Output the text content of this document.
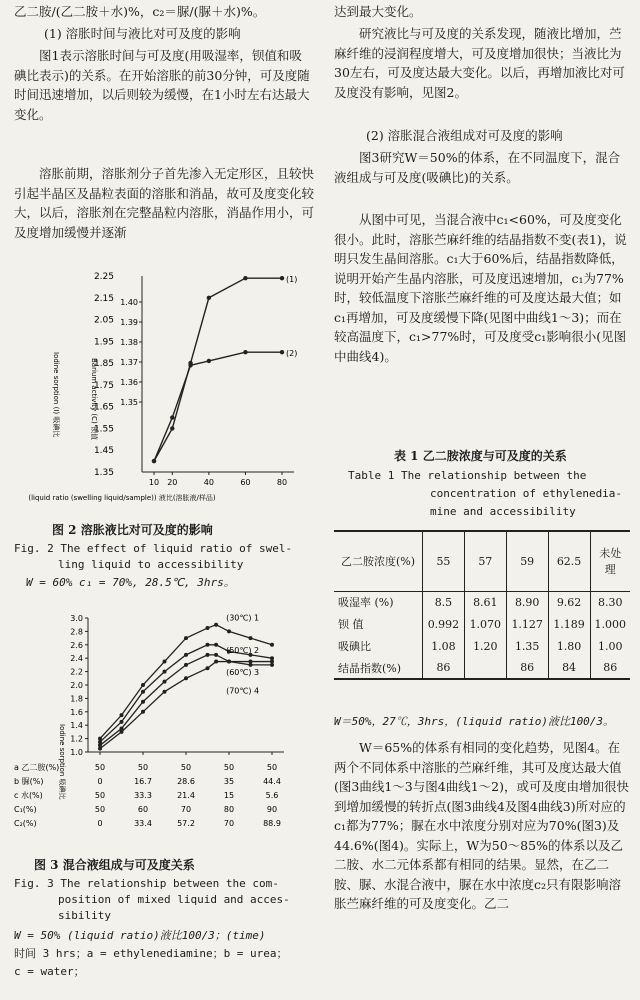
乙二胺/(乙二胺＋水)%，c₂＝脲/(脲＋水)%。

(1) 溶胀时间与液比对可及度的影响

图1表示溶胀时间与可及度(用吸湿率，钡值和吸碘比表示)的关系。在开始溶胀的前30分钟，可及度随时间迅速增加，以后则较为缓慢，在1小时左右达最大变化。

溶胀前期，溶胀剂分子首先渗入无定形区，且较快引起半晶区及晶粒表面的溶胀和消晶，故可及度变化较大，以后，溶胀剂在完整晶粒内溶胀，消晶作用小，可及度增加缓慢并逐渐

Iodine sorption (I) 吸碘比	Barium activity (C) 钡值
1.35
1.45
1.55
1.65
1.75
1.85
1.95
2.05
2.15
2.25
1.35
1.36
1.37
1.38
1.39
1.40
10 20	40	60	80
(1)
(2)
(liquid ratio (swelling liquid/sample)) 液比(溶胀液/样品)

图 2 溶胀液比对可及度的影响

Fig. 2 The effect of liquid ratio of swel-

ling liquid to accessibility

W = 60% c₁ = 70%, 28.5℃, 3hrs。

Iodine sorption 吸碘比 1.0
1.2
1.4
1.6
1.8
2.0
2.2
2.4
2.6
2.8
3.0	(30℃) 1
(50℃) 2
(60℃) 3
(70℃) 4
a 乙二胺(%)	50	50	50	50	50
b 脲(%)	0	16.7	28.6	35	44.4
c 水(%)	50	33.3	21.4	15	5.6
C₁(%)	50	60	70	80	90
C₂(%)	0	33.4	57.2	70	88.9

图 3 混合液组成与可及度关系

Fig. 3 The relationship between the com-

position of mixed liquid and acces-

sibility

W = 50% (liquid ratio)液比100/3；(time)

时间 3 hrs；a = ethylenediamine；b = urea；

c = water；

达到最大变化。

研究液比与可及度的关系发现，随液比增加，苎麻纤维的浸润程度增大，可及度增加很快；当液比为30左右，可及度达最大变化。以后，再增加液比对可及度没有影响，见图2。

(2) 溶胀混合液组成对可及度的影响

图3研究W＝50%的体系，在不同温度下，混合液组成与可及度(吸碘比)的关系。

从图中可见，当混合液中c₁<60%，可及度变化很小。此时，溶胀苎麻纤维的结晶指数不变(表1)，说明只发生晶间溶胀。c₁大于60%后，结晶指数降低，说明开始产生晶内溶胀，可及度迅速增加，c₁为77%时，较低温度下溶胀苎麻纤维的可及度达最大值；如c₁再增加，可及度缓慢下降(见图中曲线1～3)；而在较高温度下，c₁>77%时，可及度受c₁影响很小(见图中曲线4)。

表 1 乙二胺浓度与可及度的关系

Table 1 The relationship between the

concentration of ethylenedia-

mine and accessibility

乙二胺浓度(%)	55	57	59	62.5	未处理
吸湿率 (%)	8.5	8.61	8.90	9.62	8.30
钡 值	0.992	1.070	1.127	1.189	1.000
吸碘比	1.08	1.20	1.35	1.80	1.00
结晶指数(%)	86		86	84	86

W＝50%，27℃，3hrs，(liquid ratio)液比100/3。

W＝65%的体系有相同的变化趋势，见图4。在两个不同体系中溶胀的苎麻纤维，其可及度达最大值(图3曲线1～3与图4曲线1～2)，或可及度由增加很快到增加缓慢的转折点(图3曲线4及图4曲线3)所对应的c₁都为77%；脲在水中浓度分别对应为70%(图3)及44.6%(图4)。实际上，W为50～85%的体系以及乙二胺、水二元体系都有相同的结果。显然，在乙二胺、脲、水混合液中，脲在水中浓度c₂只有限影响溶胀苎麻纤维的可及度变化。乙二
